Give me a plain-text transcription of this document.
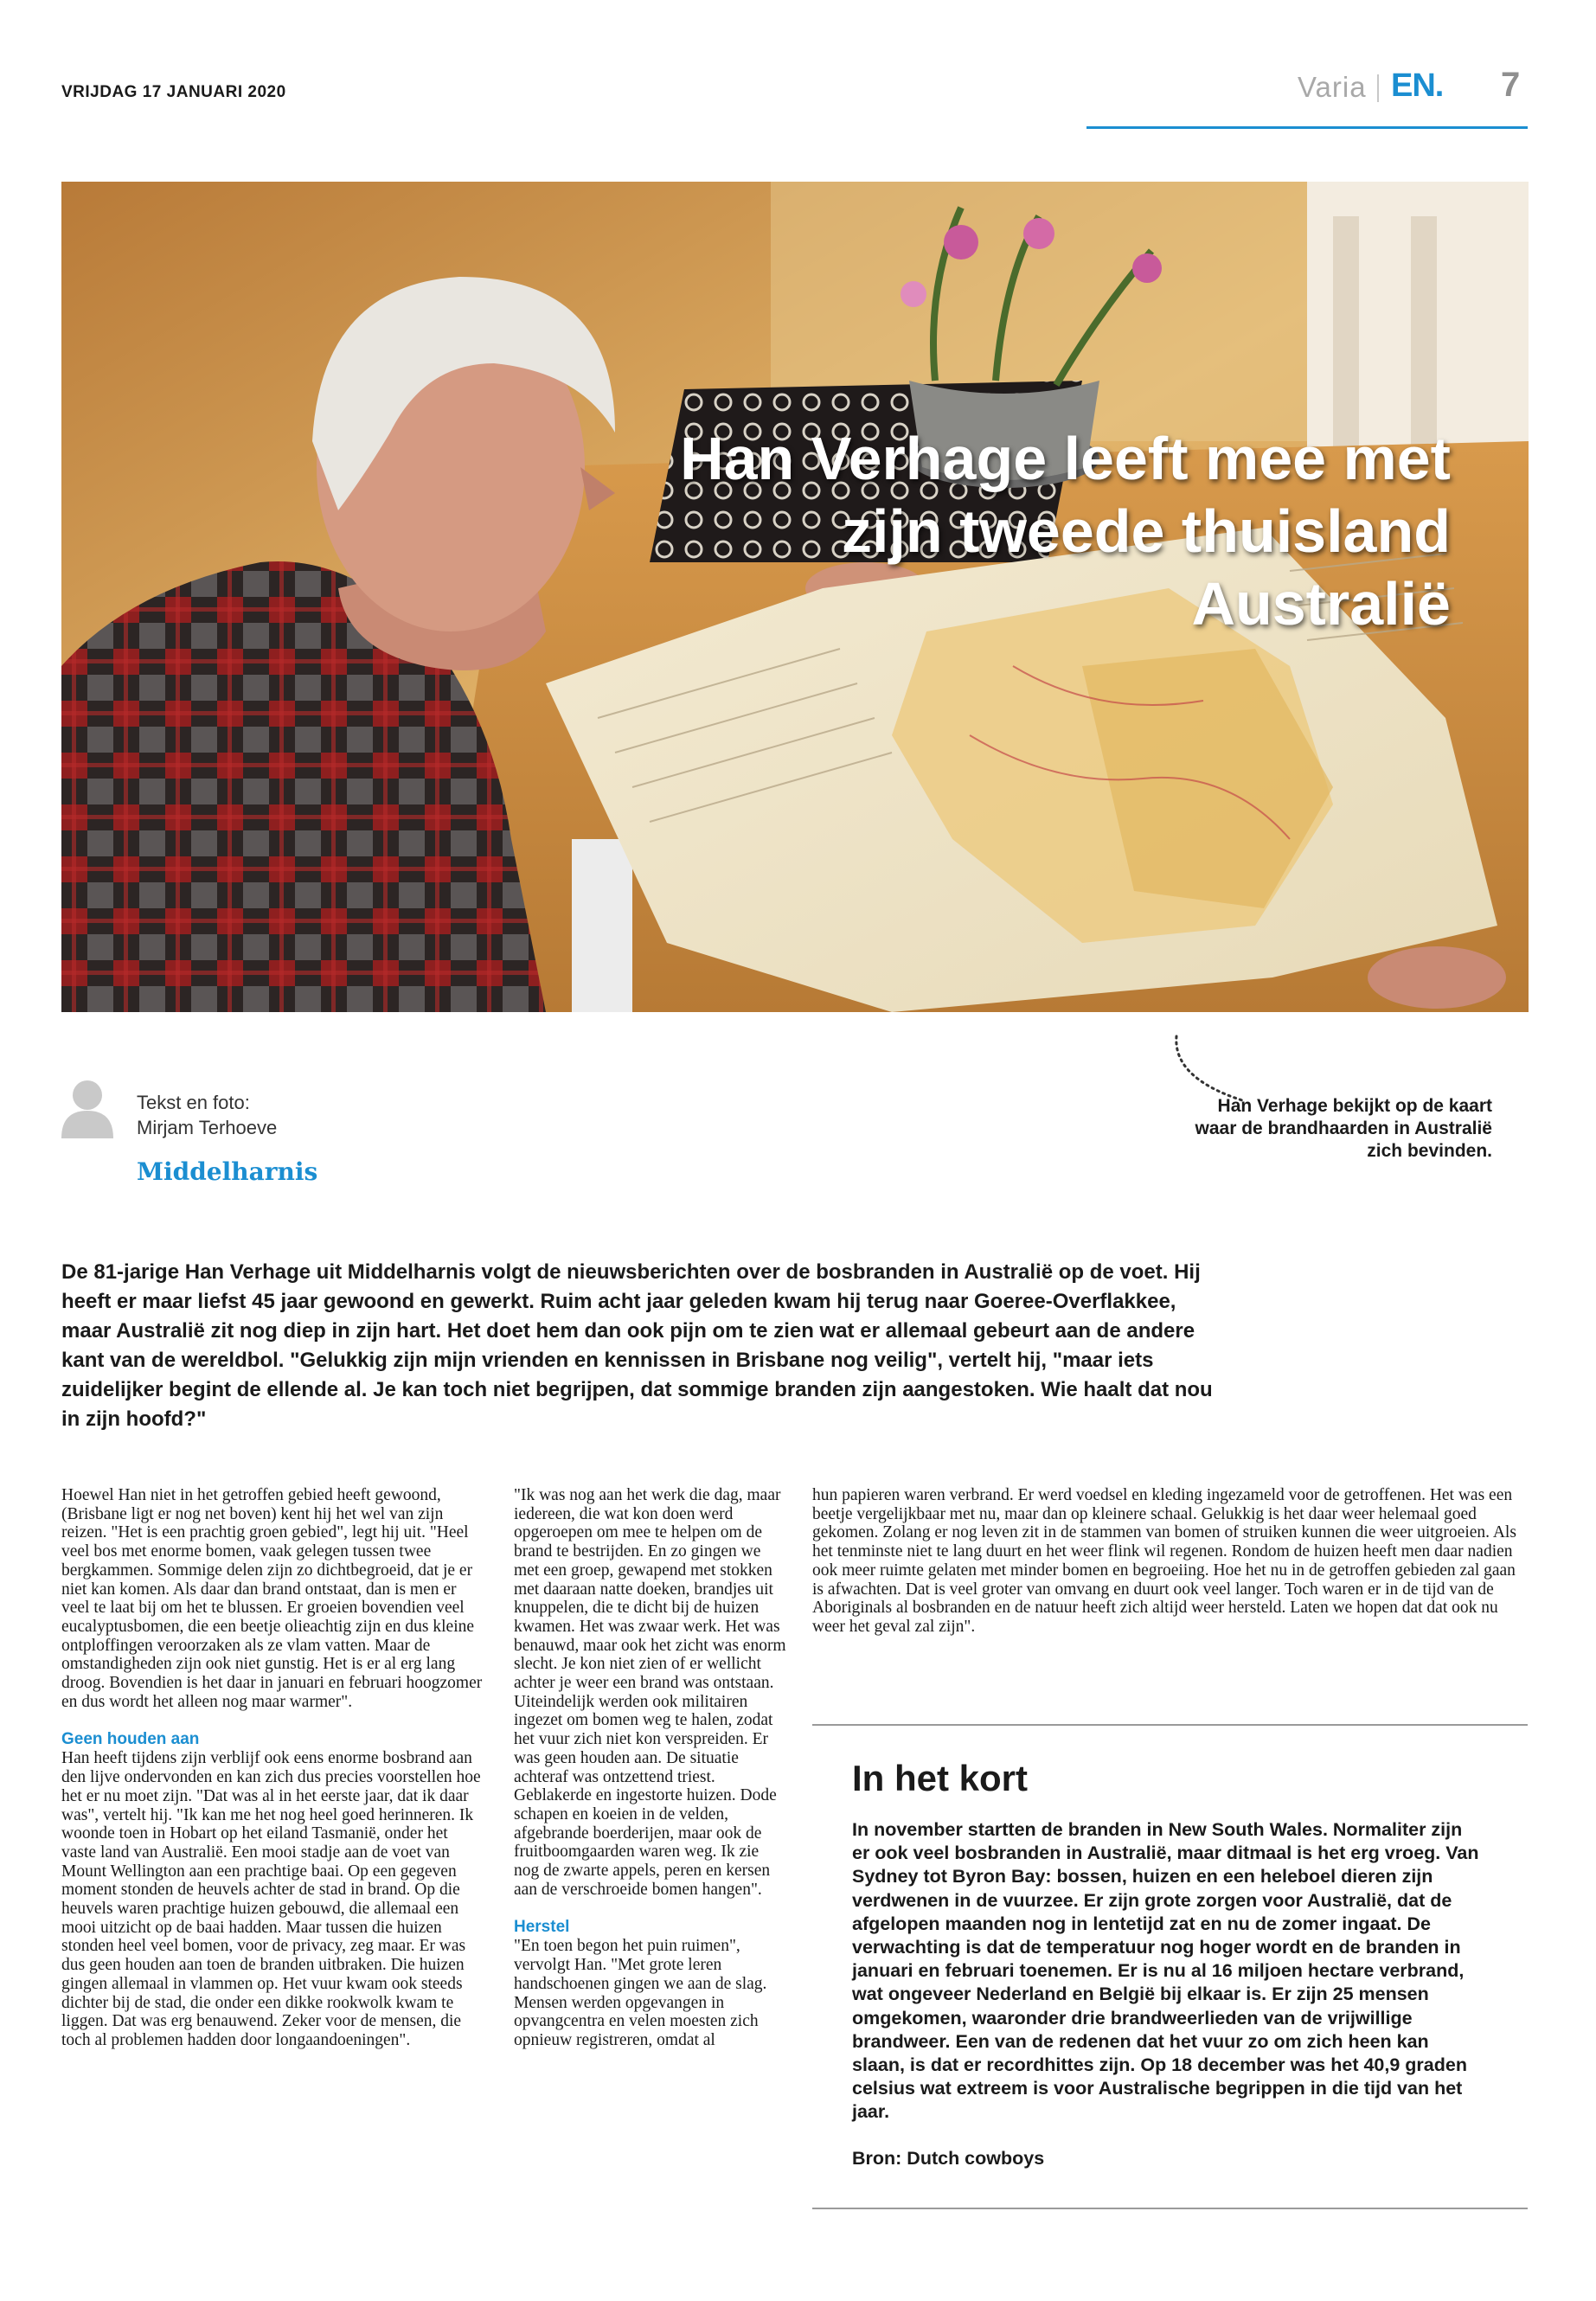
VRIJDAG 17 JANUARI 2020	Varia EN. 7
Han Verhage leeft mee met zijn tweede thuisland Australië
Tekst en foto:
Mirjam Terhoeve
Middelharnis
Han Verhage bekijkt op de kaart waar de brandhaarden in Australië zich bevinden.
De 81-jarige Han Verhage uit Middelharnis volgt de nieuwsberichten over de bosbranden in Australië op de voet. Hij heeft er maar liefst 45 jaar gewoond en gewerkt. Ruim acht jaar geleden kwam hij terug naar Goeree-Overflakkee, maar Australië zit nog diep in zijn hart. Het doet hem dan ook pijn om te zien wat er allemaal gebeurt aan de andere kant van de wereldbol. "Gelukkig zijn mijn vrienden en kennissen in Brisbane nog veilig", vertelt hij, "maar iets zuidelijker begint de ellende al. Je kan toch niet begrijpen, dat sommige branden zijn aangestoken. Wie haalt dat nou in zijn hoofd?"

Hoewel Han niet in het getroffen gebied heeft gewoond, (Brisbane ligt er nog net boven) kent hij het wel van zijn reizen. "Het is een prachtig groen gebied", legt hij uit. "Heel veel bos met enorme bomen, vaak gelegen tussen twee bergkammen. Sommige delen zijn zo dichtbegroeid, dat je er niet kan komen. Als daar dan brand ontstaat, dan is men er veel te laat bij om het te blussen. Er groeien bovendien veel eucalyptusbomen, die een beetje olieachtig zijn en dus kleine ontploffingen veroorzaken als ze vlam vatten. Maar de omstandigheden zijn ook niet gunstig. Het is er al erg lang droog. Bovendien is het daar in januari en februari hoogzomer en dus wordt het alleen nog maar warmer".

Geen houden aan

Han heeft tijdens zijn verblijf ook eens enorme bosbrand aan den lijve ondervonden en kan zich dus precies voorstellen hoe het er nu moet zijn. "Dat was al in het eerste jaar, dat ik daar was", vertelt hij. "Ik kan me het nog heel goed herinneren. Ik woonde toen in Hobart op het eiland Tasmanië, onder het vaste land van Australië. Een mooi stadje aan de voet van Mount Wellington aan een prachtige baai. Op een gegeven moment stonden de heuvels achter de stad in brand. Op die heuvels waren prachtige huizen gebouwd, die allemaal een mooi uitzicht op de baai hadden. Maar tussen die huizen stonden heel veel bomen, voor de privacy, zeg maar. Er was dus geen houden aan toen de branden uitbraken. Die huizen gingen allemaal in vlammen op. Het vuur kwam ook steeds dichter bij de stad, die onder een dikke rookwolk kwam te liggen. Dat was erg benauwend. Zeker voor de mensen, die toch al problemen hadden door longaandoeningen".

"Ik was nog aan het werk die dag, maar iedereen, die wat kon doen werd opgeroepen om mee te helpen om de brand te bestrijden. En zo gingen we met een groep, gewapend met stokken met daaraan natte doeken, brandjes uit knuppelen, die te dicht bij de huizen kwamen. Het was zwaar werk. Het was benauwd, maar ook het zicht was enorm slecht. Je kon niet zien of er wellicht achter je weer een brand was ontstaan. Uiteindelijk werden ook militairen ingezet om bomen weg te halen, zodat het vuur zich niet kon verspreiden. Er was geen houden aan. De situatie achteraf was ontzettend triest. Geblakerde en ingestorte huizen. Dode schapen en koeien in de velden, afgebrande boerderijen, maar ook de fruitboomgaarden waren weg. Ik zie nog de zwarte appels, peren en kersen aan de verschroeide bomen hangen".

Herstel

"En toen begon het puin ruimen", vervolgt Han. "Met grote leren handschoenen gingen we aan de slag. Mensen werden opgevangen in opvangcentra en velen moesten zich opnieuw registreren, omdat al

hun papieren waren verbrand. Er werd voedsel en kleding ingezameld voor de getroffenen. Het was een beetje vergelijkbaar met nu, maar dan op kleinere schaal. Gelukkig is het daar weer helemaal goed gekomen. Zolang er nog leven zit in de stammen van bomen of struiken kunnen die weer uitgroeien. Als het tenminste niet te lang duurt en het weer flink wil regenen. Rondom de huizen heeft men daar nadien ook meer ruimte gelaten met minder bomen en begroeiing. Hoe het nu in de getroffen gebieden zal gaan is afwachten. Dat is veel groter van omvang en duurt ook veel langer. Toch waren er in de tijd van de Aboriginals al bosbranden en de natuur heeft zich altijd weer hersteld. Laten we hopen dat dat ook nu weer het geval zal zijn".

In het kort
In november startten de branden in New South Wales. Normaliter zijn er ook veel bosbranden in Australië, maar ditmaal is het erg vroeg. Van Sydney tot Byron Bay: bossen, huizen en een heleboel dieren zijn verdwenen in de vuurzee. Er zijn grote zorgen voor Australië, dat de afgelopen maanden nog in lentetijd zat en nu de zomer ingaat. De verwachting is dat de temperatuur nog hoger wordt en de branden in januari en februari toenemen. Er is nu al 16 miljoen hectare verbrand, wat ongeveer Nederland en België bij elkaar is. Er zijn 25 mensen omgekomen, waaronder drie brandweerlieden van de vrijwillige brandweer. Een van de redenen dat het vuur zo om zich heen kan slaan, is dat er recordhittes zijn. Op 18 december was het 40,9 graden celsius wat extreem is voor Australische begrippen in die tijd van het jaar.
Bron: Dutch cowboys
